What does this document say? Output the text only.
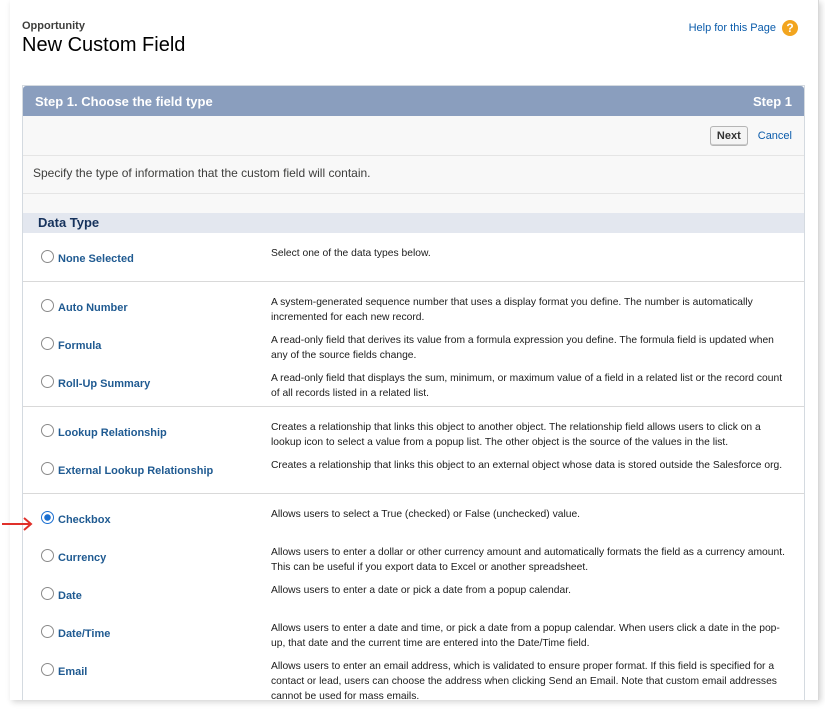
Opportunity
New Custom Field
Help for this Page ?
Step 1. Choose the field type	Step 1
Next	Cancel
Specify the type of information that the custom field will contain.
Data Type
None Selected	Select one of the data types below.
Auto Number	A system-generated sequence number that uses a display format you define. The number is automatically incremented for each new record.
Formula	A read-only field that derives its value from a formula expression you define. The formula field is updated when any of the source fields change.
Roll-Up Summary	A read-only field that displays the sum, minimum, or maximum value of a field in a related list or the record count of all records listed in a related list.
Lookup Relationship	Creates a relationship that links this object to another object. The relationship field allows users to click on a lookup icon to select a value from a popup list. The other object is the source of the values in the list.
External Lookup Relationship	Creates a relationship that links this object to an external object whose data is stored outside the Salesforce org.
Checkbox	Allows users to select a True (checked) or False (unchecked) value.
Currency	Allows users to enter a dollar or other currency amount and automatically formats the field as a currency amount. This can be useful if you export data to Excel or another spreadsheet.
Date	Allows users to enter a date or pick a date from a popup calendar.
Date/Time	Allows users to enter a date and time, or pick a date from a popup calendar. When users click a date in the pop-up, that date and the current time are entered into the Date/Time field.
Email	Allows users to enter an email address, which is validated to ensure proper format. If this field is specified for a contact or lead, users can choose the address when clicking Send an Email. Note that custom email addresses cannot be used for mass emails.
